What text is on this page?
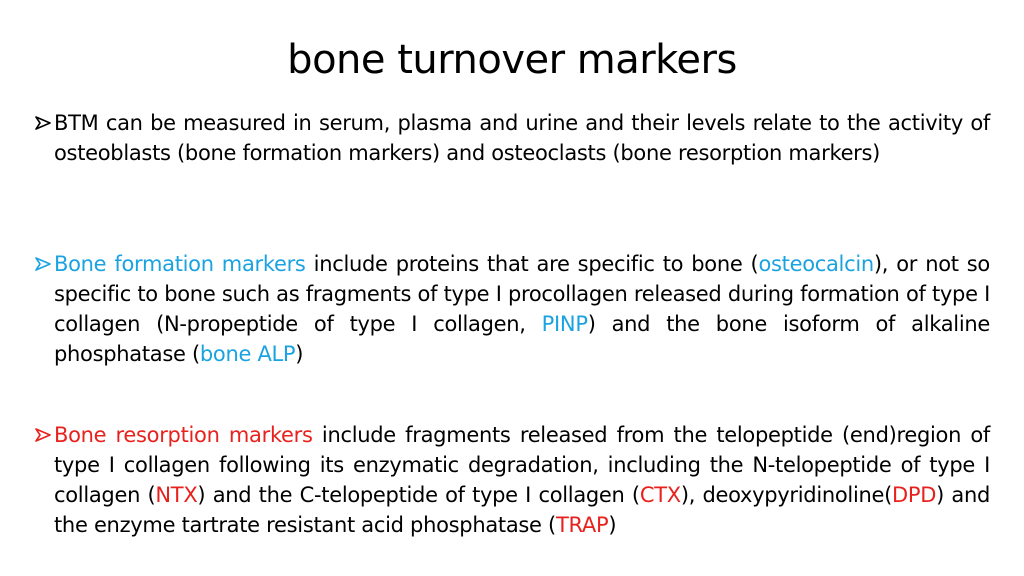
bone turnover markers
BTM can be measured in serum, plasma and urine and their levels relate to the activity of osteoblasts (bone formation markers) and osteoclasts (bone resorption markers)
Bone formation markers include proteins that are specific to bone (osteocalcin), or not so specific to bone such as fragments of type I procollagen released during formation of type I collagen (N-propeptide of type I collagen, PINP) and the bone isoform of alkaline phosphatase (bone ALP)
Bone resorption markers include fragments released from the telopeptide (end)region of type I collagen following its enzymatic degradation, including the N-telopeptide of type I collagen (NTX) and the C-telopeptide of type I collagen (CTX), deoxypyridinoline(DPD) and the enzyme tartrate resistant acid phosphatase (TRAP)
